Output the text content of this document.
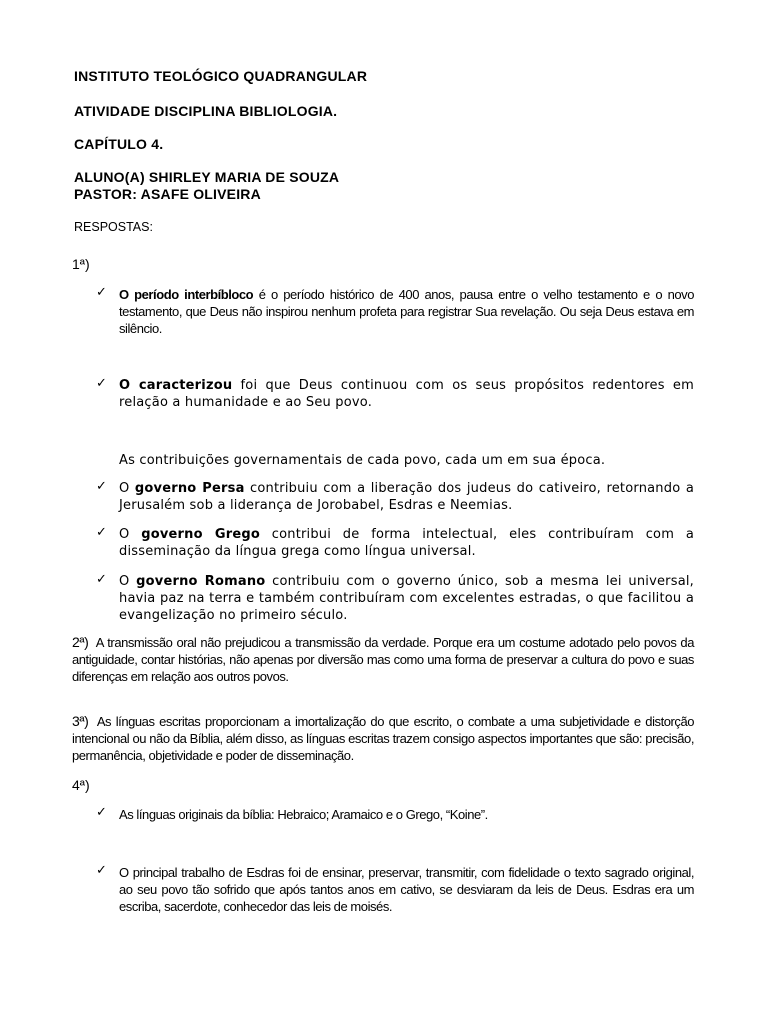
INSTITUTO TEOLÓGICO QUADRANGULAR
ATIVIDADE DISCIPLINA BIBLIOLOGIA.
CAPÍTULO 4.
ALUNO(A) SHIRLEY MARIA DE SOUZA
PASTOR: ASAFE OLIVEIRA
RESPOSTAS:
1ª)
✓ O período interbíbloco é o período histórico de 400 anos, pausa entre o velho testamento e o novo testamento, que Deus não inspirou nenhum profeta para registrar Sua revelação. Ou seja Deus estava em silêncio.
✓ O caracterizou foi que Deus continuou com os seus propósitos redentores em relação a humanidade e ao Seu povo.
As contribuições governamentais de cada povo, cada um em sua época.
✓ O governo Persa contribuiu com a liberação dos judeus do cativeiro, retornando a Jerusalém sob a liderança de Jorobabel, Esdras e Neemias.
✓ O governo Grego contribui de forma intelectual, eles contribuíram com a disseminação da língua grega como língua universal.
✓ O governo Romano contribuiu com o governo único, sob a mesma lei universal, havia paz na terra e também contribuíram com excelentes estradas, o que facilitou a evangelização no primeiro século.
2ª) A transmissão oral não prejudicou a transmissão da verdade. Porque era um costume adotado pelo povos da antiguidade, contar histórias, não apenas por diversão mas como uma forma de preservar a cultura do povo e suas diferenças em relação aos outros povos.
3ª) As línguas escritas proporcionam a imortalização do que escrito, o combate a uma subjetividade e distorção intencional ou não da Bíblia, além disso, as línguas escritas trazem consigo aspectos importantes que são: precisão, permanência, objetividade e poder de disseminação.
4ª)
✓ As línguas originais da bíblia: Hebraico; Aramaico e o Grego, “Koine”.
✓ O principal trabalho de Esdras foi de ensinar, preservar, transmitir, com fidelidade o texto sagrado original, ao seu povo tão sofrido que após tantos anos em cativo, se desviaram da leis de Deus. Esdras era um escriba, sacerdote, conhecedor das leis de moisés.
